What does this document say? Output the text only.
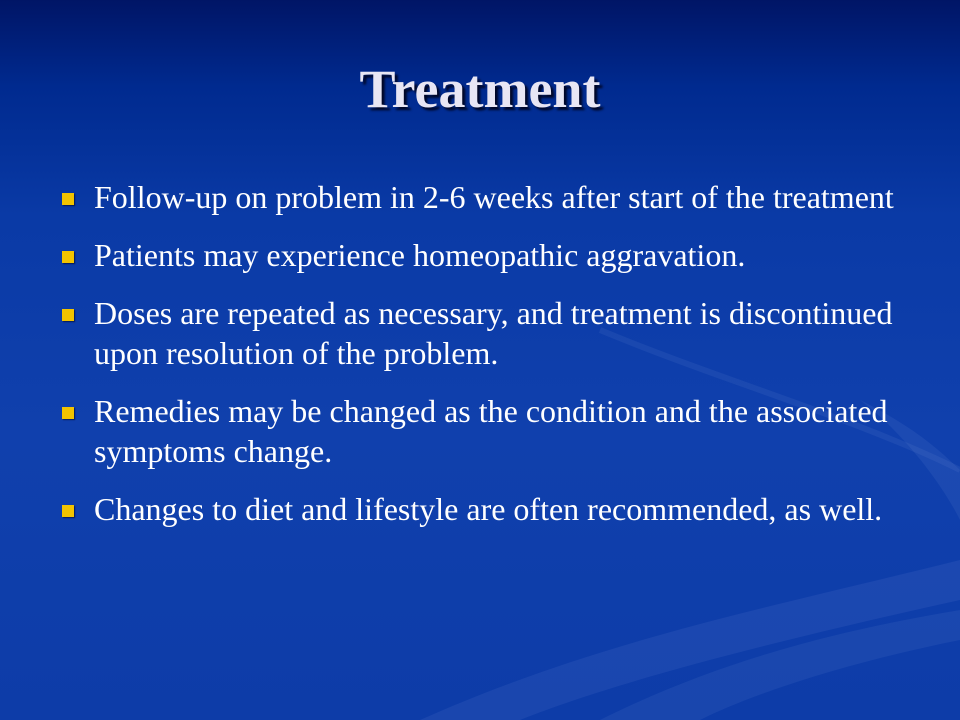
Treatment
Follow-up on problem in 2-6 weeks after start of the treatment
Patients may experience homeopathic aggravation.
Doses are repeated as necessary, and treatment is discontinued upon resolution of the problem.
Remedies may be changed as the condition and the associated symptoms change.
Changes to diet and lifestyle are often recommended, as well.
